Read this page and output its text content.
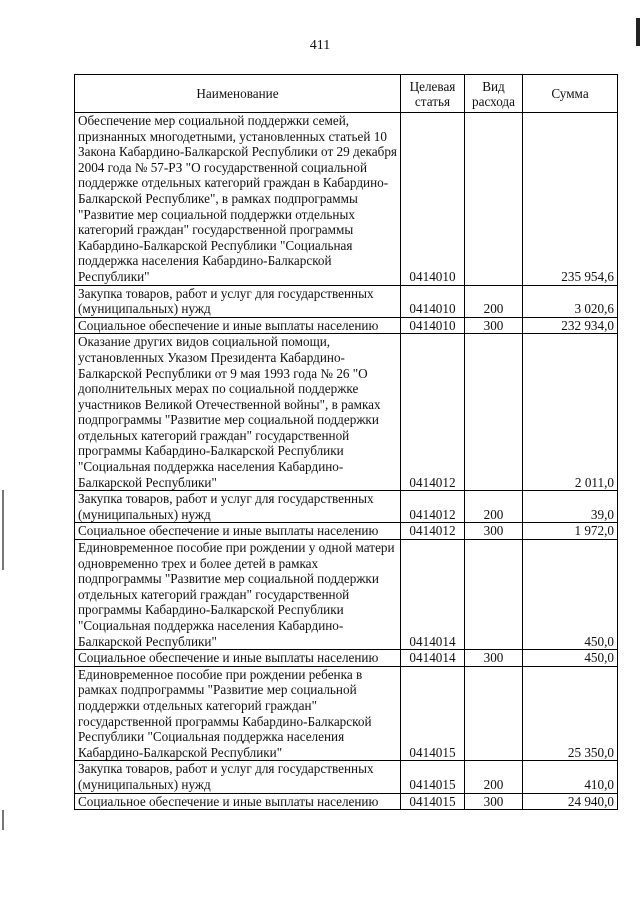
411
Наименование	Целевая статья	Вид расхода	Сумма
Обеспечение мер социальной поддержки семей, признанных многодетными, установленных статьей 10 Закона Кабардино-Балкарской Республики от 29 декабря 2004 года № 57-РЗ "О государственной социальной поддержке отдельных категорий граждан в Кабардино-Балкарской Республике", в рамках подпрограммы "Развитие мер социальной поддержки отдельных категорий граждан" государственной программы Кабардино-Балкарской Республики "Социальная поддержка населения Кабардино-Балкарской Республики"	0414010		235 954,6
Закупка товаров, работ и услуг для государственных (муниципальных) нужд	0414010	200	3 020,6
Социальное обеспечение и иные выплаты населению	0414010	300	232 934,0
Оказание других видов социальной помощи, установленных Указом Президента Кабардино-Балкарской Республики от 9 мая 1993 года № 26 "О дополнительных мерах по социальной поддержке участников Великой Отечественной войны", в рамках подпрограммы "Развитие мер социальной поддержки отдельных категорий граждан" государственной программы Кабардино-Балкарской Республики "Социальная поддержка населения Кабардино-Балкарской Республики"	0414012		2 011,0
Закупка товаров, работ и услуг для государственных (муниципальных) нужд	0414012	200	39,0
Социальное обеспечение и иные выплаты населению	0414012	300	1 972,0
Единовременное пособие при рождении у одной матери одновременно трех и более детей в рамках подпрограммы "Развитие мер социальной поддержки отдельных категорий граждан" государственной программы Кабардино-Балкарской Республики "Социальная поддержка населения Кабардино-Балкарской Республики"	0414014		450,0
Социальное обеспечение и иные выплаты населению	0414014	300	450,0
Единовременное пособие при рождении ребенка в рамках подпрограммы "Развитие мер социальной поддержки отдельных категорий граждан" государственной программы Кабардино-Балкарской Республики "Социальная поддержка населения Кабардино-Балкарской Республики"	0414015		25 350,0
Закупка товаров, работ и услуг для государственных (муниципальных) нужд	0414015	200	410,0
Социальное обеспечение и иные выплаты населению	0414015	300	24 940,0
